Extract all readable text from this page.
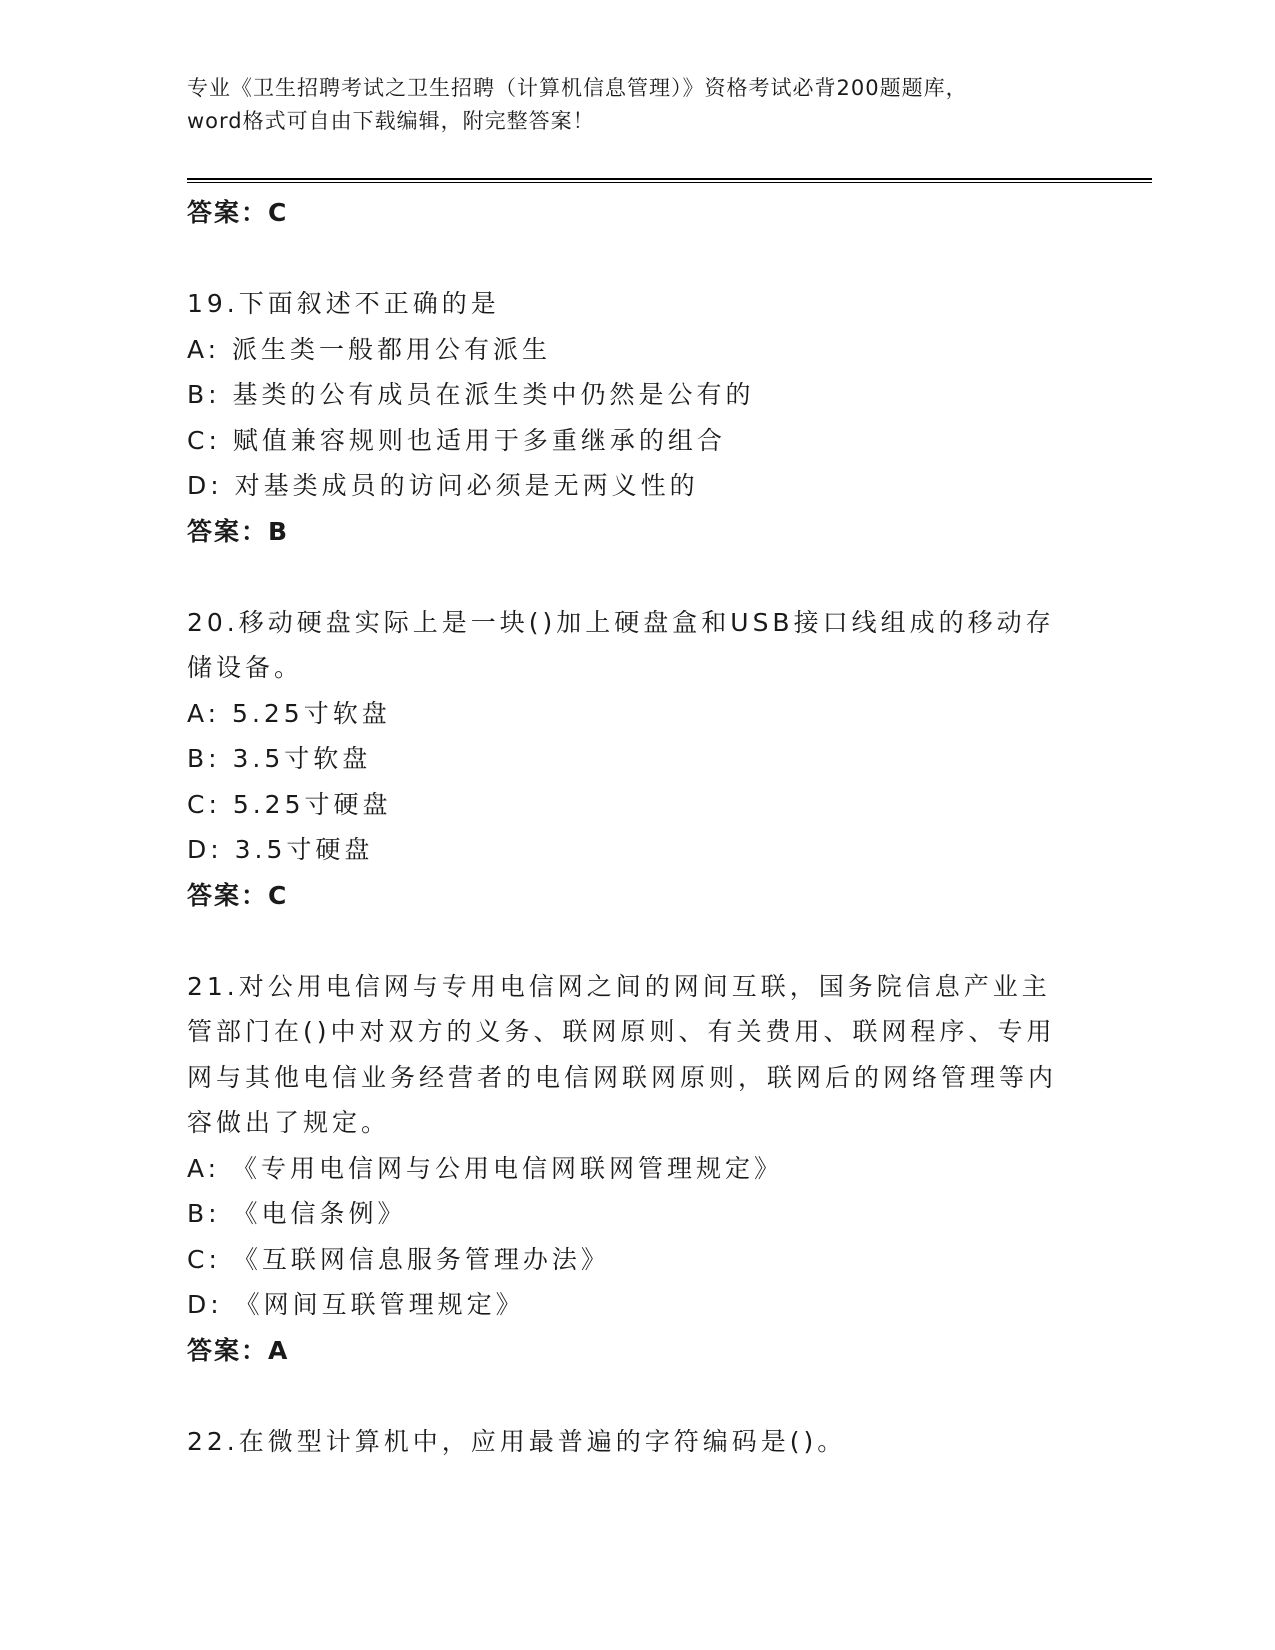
专业《卫生招聘考试之卫生招聘（计算机信息管理）》资格考试必背200题题库，
word格式可自由下载编辑，附完整答案！
答案：C
19.下面叙述不正确的是
A: 派生类一般都用公有派生
B: 基类的公有成员在派生类中仍然是公有的
C: 赋值兼容规则也适用于多重继承的组合
D: 对基类成员的访问必须是无两义性的
答案：B
20.移动硬盘实际上是一块()加上硬盘盒和USB接口线组成的移动存储设备。
A: 5.25寸软盘
B: 3.5寸软盘
C: 5.25寸硬盘
D: 3.5寸硬盘
答案：C
21.对公用电信网与专用电信网之间的网间互联，国务院信息产业主管部门在()中对双方的义务、联网原则、有关费用、联网程序、专用网与其他电信业务经营者的电信网联网原则，联网后的网络管理等内容做出了规定。
A: 《专用电信网与公用电信网联网管理规定》
B: 《电信条例》
C: 《互联网信息服务管理办法》
D: 《网间互联管理规定》
答案：A
22.在微型计算机中，应用最普遍的字符编码是()。
